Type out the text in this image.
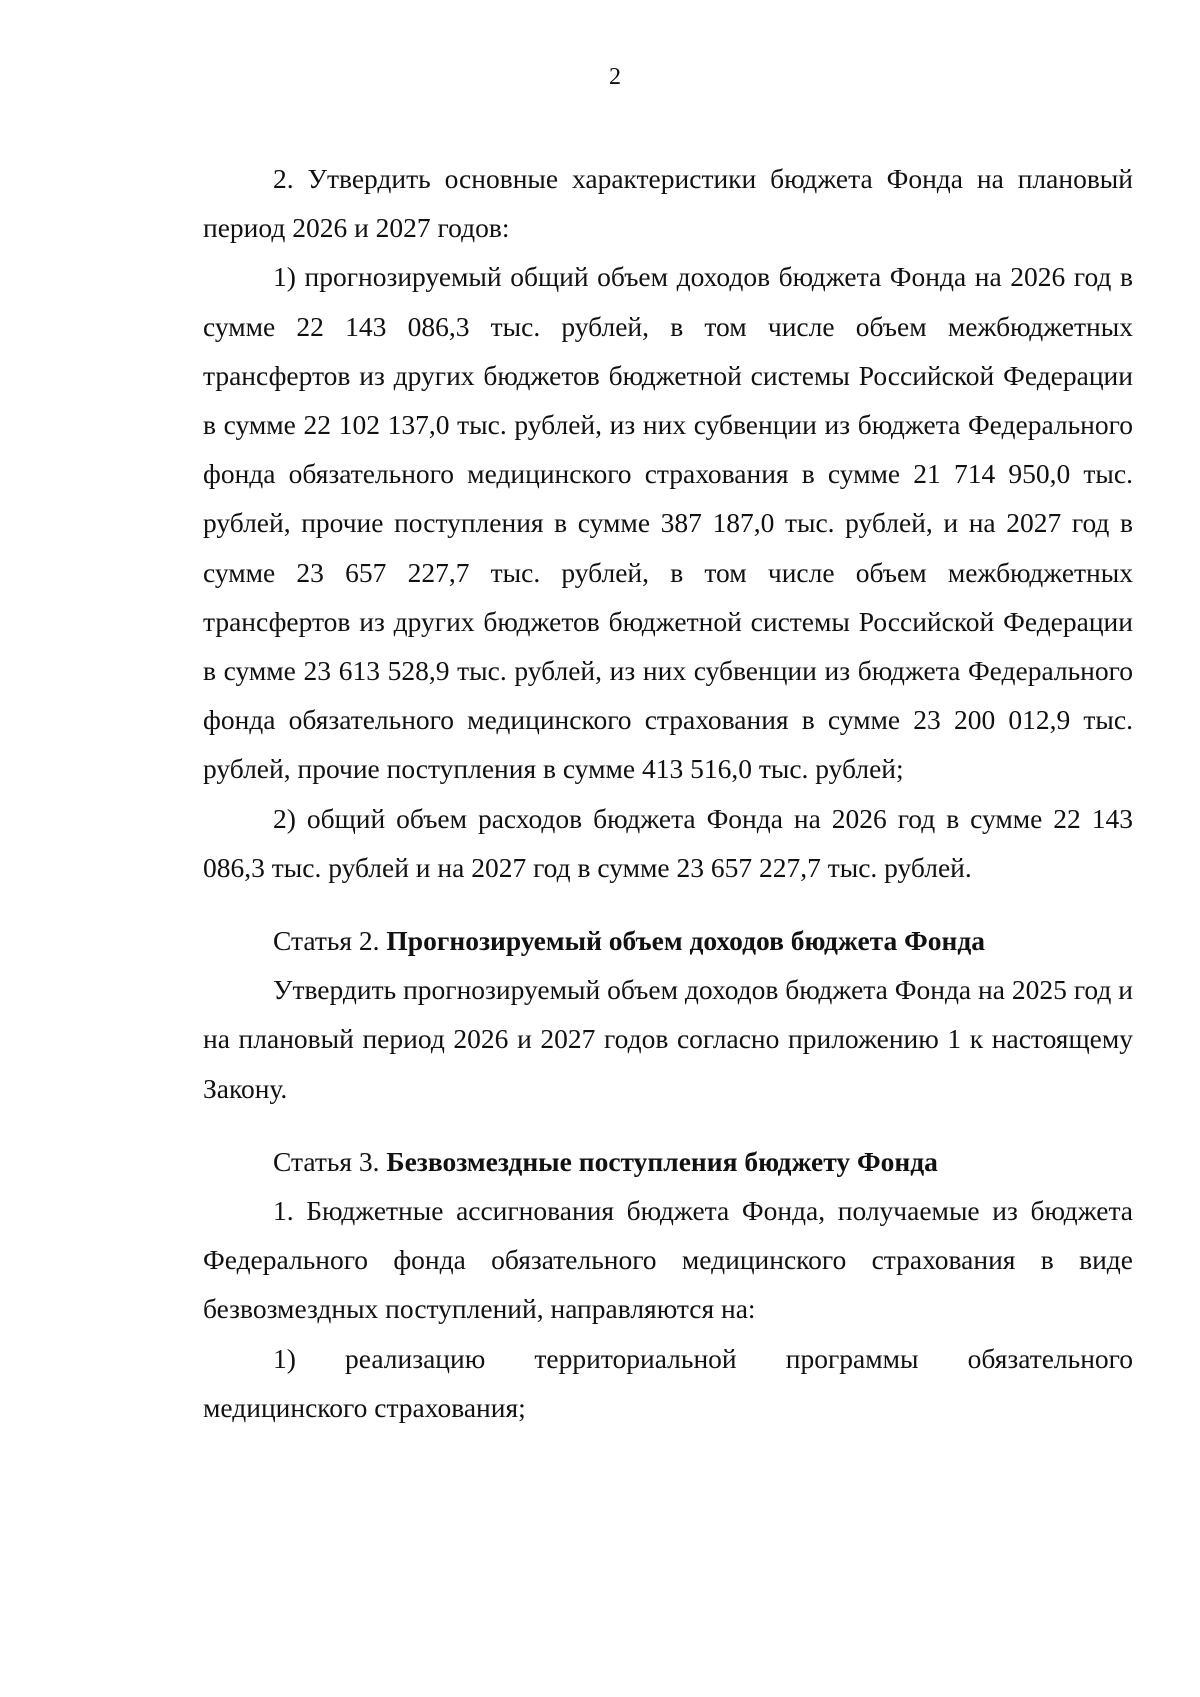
2

2. Утвердить основные характеристики бюджета Фонда на плановый период 2026 и 2027 годов:

1) прогнозируемый общий объем доходов бюджета Фонда на 2026 год в сумме 22 143 086,3 тыс. рублей, в том числе объем межбюджетных трансфертов из других бюджетов бюджетной системы Российской Федерации в сумме 22 102 137,0 тыс. рублей, из них субвенции из бюджета Федерального фонда обязательного медицинского страхования в сумме 21 714 950,0 тыс. рублей, прочие поступления в сумме 387 187,0 тыс. рублей, и на 2027 год в сумме 23 657 227,7 тыс. рублей, в том числе объем межбюджетных трансфертов из других бюджетов бюджетной системы Российской Федерации в сумме 23 613 528,9 тыс. рублей, из них субвенции из бюджета Федерального фонда обязательного медицинского страхования в сумме 23 200 012,9 тыс. рублей, прочие поступления в сумме 413 516,0 тыс. рублей;

2) общий объем расходов бюджета Фонда на 2026 год в сумме 22 143 086,3 тыс. рублей и на 2027 год в сумме 23 657 227,7 тыс. рублей.

Статья 2. Прогнозируемый объем доходов бюджета Фонда

Утвердить прогнозируемый объем доходов бюджета Фонда на 2025 год и на плановый период 2026 и 2027 годов согласно приложению 1 к настоящему Закону.

Статья 3. Безвозмездные поступления бюджету Фонда

1. Бюджетные ассигнования бюджета Фонда, получаемые из бюджета Федерального фонда обязательного медицинского страхования в виде безвозмездных поступлений, направляются на:

1) реализацию территориальной программы обязательного медицинского страхования;
